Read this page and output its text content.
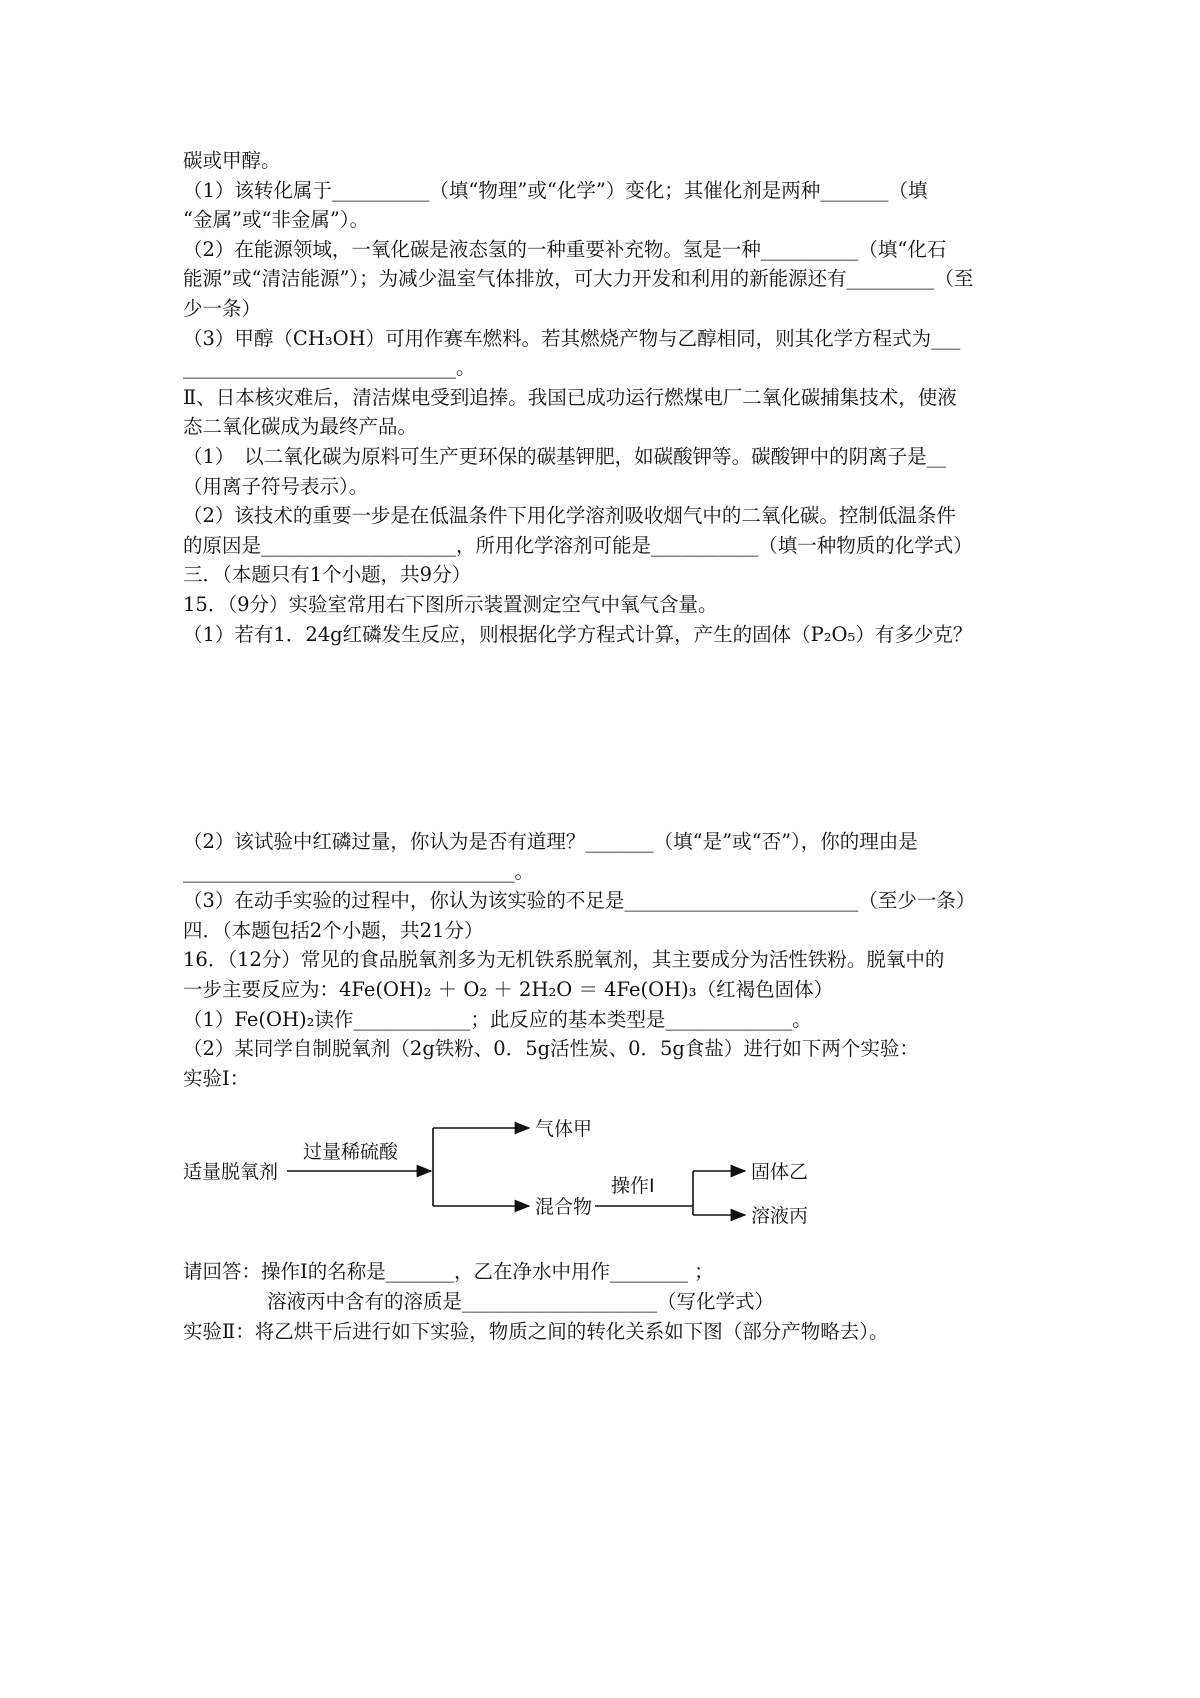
碳或甲醇。
（1）该转化属于__________（填“物理”或“化学”）变化；其催化剂是两种_______（填
“金属”或“非金属”）。
（2）在能源领域，一氧化碳是液态氢的一种重要补充物。氢是一种__________（填“化石
能源”或“清洁能源”）；为减少温室气体排放，可大力开发和利用的新能源还有_________（至
少一条）
（3）甲醇（CH₃OH）可用作赛车燃料。若其燃烧产物与乙醇相同，则其化学方程式为___
____________________________。
Ⅱ、日本核灾难后，清洁煤电受到追捧。我国已成功运行燃煤电厂二氧化碳捕集技术，使液
态二氧化碳成为最终产品。
（1）　以二氧化碳为原料可生产更环保的碳基钾肥，如碳酸钾等。碳酸钾中的阴离子是__
（用离子符号表示）。
（2）该技术的重要一步是在低温条件下用化学溶剂吸收烟气中的二氧化碳。控制低温条件
的原因是____________________，所用化学溶剂可能是___________（填一种物质的化学式）
三．（本题只有1个小题，共9分）
15．（9分）实验室常用右下图所示装置测定空气中氧气含量。
（1）若有1．24g红磷发生反应，则根据化学方程式计算，产生的固体（P₂O₅）有多少克？
（2）该试验中红磷过量，你认为是否有道理？_______（填“是”或“否”），你的理由是
__________________________________。
（3）在动手实验的过程中，你认为该实验的不足是________________________（至少一条）
四．（本题包括2个小题，共21分）
16．（12分）常见的食品脱氧剂多为无机铁系脱氧剂，其主要成分为活性铁粉。脱氧中的
一步主要反应为：4Fe(OH)₂ ＋ O₂ ＋ 2H₂O ＝ 4Fe(OH)₃（红褐色固体）
（1）Fe(OH)₂读作____________；此反应的基本类型是_____________。
（2）某同学自制脱氧剂（2g铁粉、0．5g活性炭、0．5g食盐）进行如下两个实验：
实验Ⅰ：
适量脱氧剂
过量稀硫酸
气体甲
混合物
操作Ⅰ
固体乙
溶液丙
请回答：操作Ⅰ的名称是_______，乙在净水中用作________ ；
溶液丙中含有的溶质是____________________（写化学式）
实验Ⅱ：将乙烘干后进行如下实验，物质之间的转化关系如下图（部分产物略去）。
